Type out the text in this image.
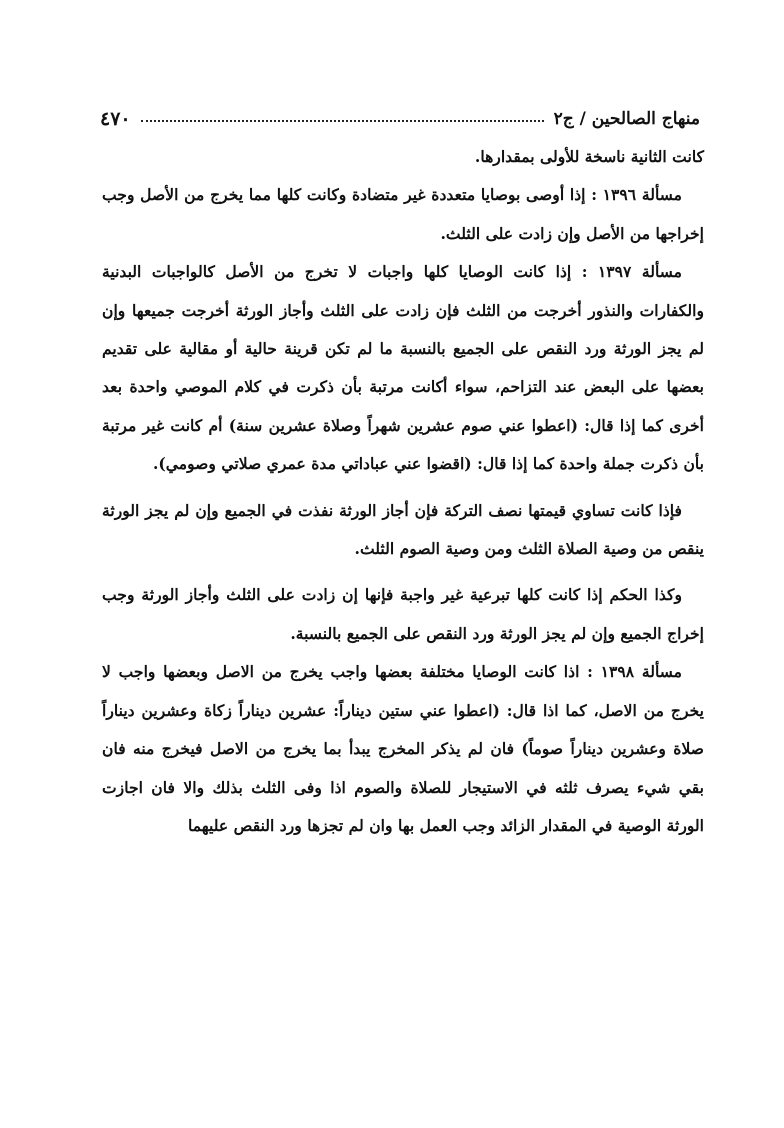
منهاج الصالحين / ج٢
٤٧٠

كانت الثانية ناسخة للأولى بمقدارها.

مسألة ١٣٩٦ : إذا أوصى بوصايا متعددة غير متضادة وكانت كلها مما يخرج من الأصل وجب إخراجها من الأصل وإن زادت على الثلث.

مسألة ١٣٩٧ : إذا كانت الوصايا كلها واجبات لا تخرج من الأصل كالواجبات البدنية والكفارات والنذور أخرجت من الثلث فإن زادت على الثلث وأجاز الورثة أخرجت جميعها وإن لم يجز الورثة ورد النقص على الجميع بالنسبة ما لم تكن قرينة حالية أو مقالية على تقديم بعضها على البعض عند التزاحم، سواء أكانت مرتبة بأن ذكرت في كلام الموصي واحدة بعد أخرى كما إذا قال: (اعطوا عني صوم عشرين شهراً وصلاة عشرين سنة) أم كانت غير مرتبة بأن ذكرت جملة واحدة كما إذا قال: (اقضوا عني عباداتي مدة عمري صلاتي وصومي).

فإذا كانت تساوي قيمتها نصف التركة فإن أجاز الورثة نفذت في الجميع وإن لم يجز الورثة ينقص من وصية الصلاة الثلث ومن وصية الصوم الثلث.

وكذا الحكم إذا كانت كلها تبرعية غير واجبة فإنها إن زادت على الثلث وأجاز الورثة وجب إخراج الجميع وإن لم يجز الورثة ورد النقص على الجميع بالنسبة.

مسألة ١٣٩٨ : اذا كانت الوصايا مختلفة بعضها واجب يخرج من الاصل وبعضها واجب لا يخرج من الاصل، كما اذا قال: (اعطوا عني ستين ديناراً: عشرين ديناراً زكاة وعشرين ديناراً صلاة وعشرين ديناراً صوماً) فان لم يذكر المخرج يبدأ بما يخرج من الاصل فيخرج منه فان بقي شيء يصرف ثلثه في الاستيجار للصلاة والصوم اذا وفى الثلث بذلك والا فان اجازت الورثة الوصية في المقدار الزائد وجب العمل بها وان لم تجزها ورد النقص عليهما
